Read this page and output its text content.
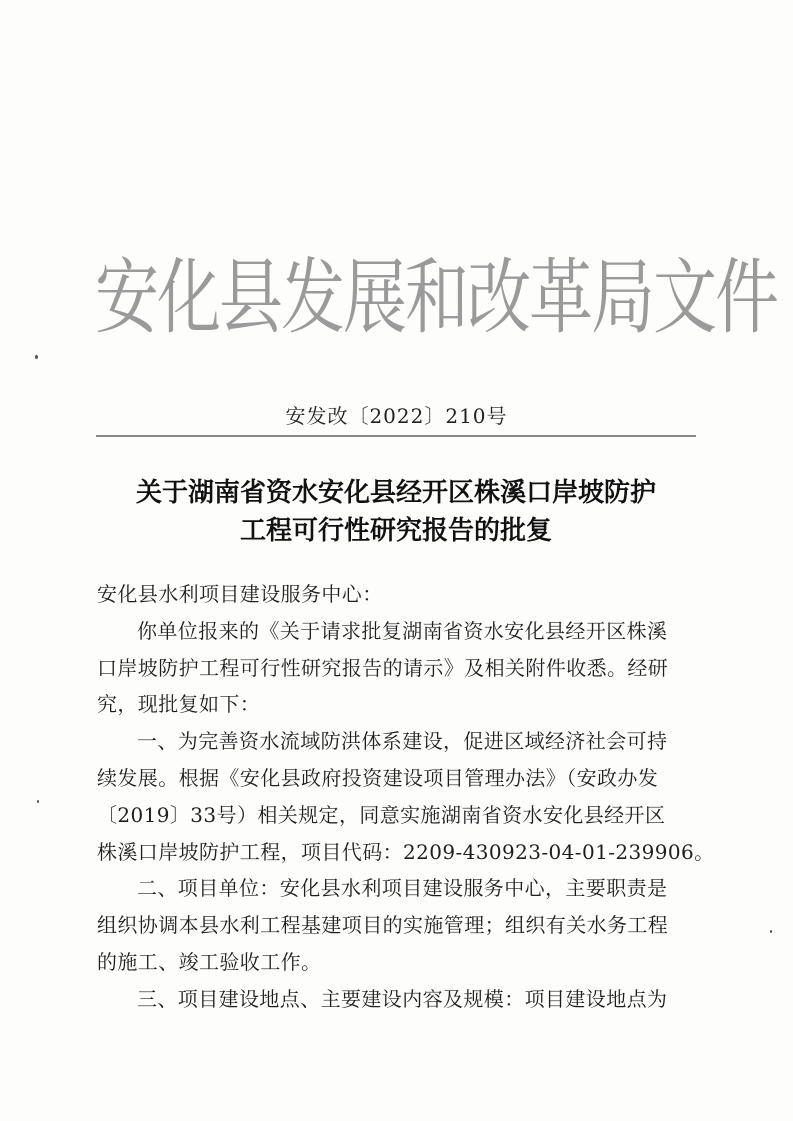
安化县发展和改革局文件
安发改〔2022〕210号
关于湖南省资水安化县经开区株溪口岸坡防护
工程可行性研究报告的批复
安化县水利项目建设服务中心：
你单位报来的《关于请求批复湖南省资水安化县经开区株溪
口岸坡防护工程可行性研究报告的请示》及相关附件收悉。经研
究，现批复如下：
一、为完善资水流域防洪体系建设，促进区域经济社会可持
续发展。根据《安化县政府投资建设项目管理办法》（安政办发
〔2019〕33号）相关规定，同意实施湖南省资水安化县经开区
株溪口岸坡防护工程，项目代码：2209-430923-04-01-239906。
二、项目单位：安化县水利项目建设服务中心，主要职责是
组织协调本县水利工程基建项目的实施管理；组织有关水务工程
的施工、竣工验收工作。
三、项目建设地点、主要建设内容及规模：项目建设地点为
